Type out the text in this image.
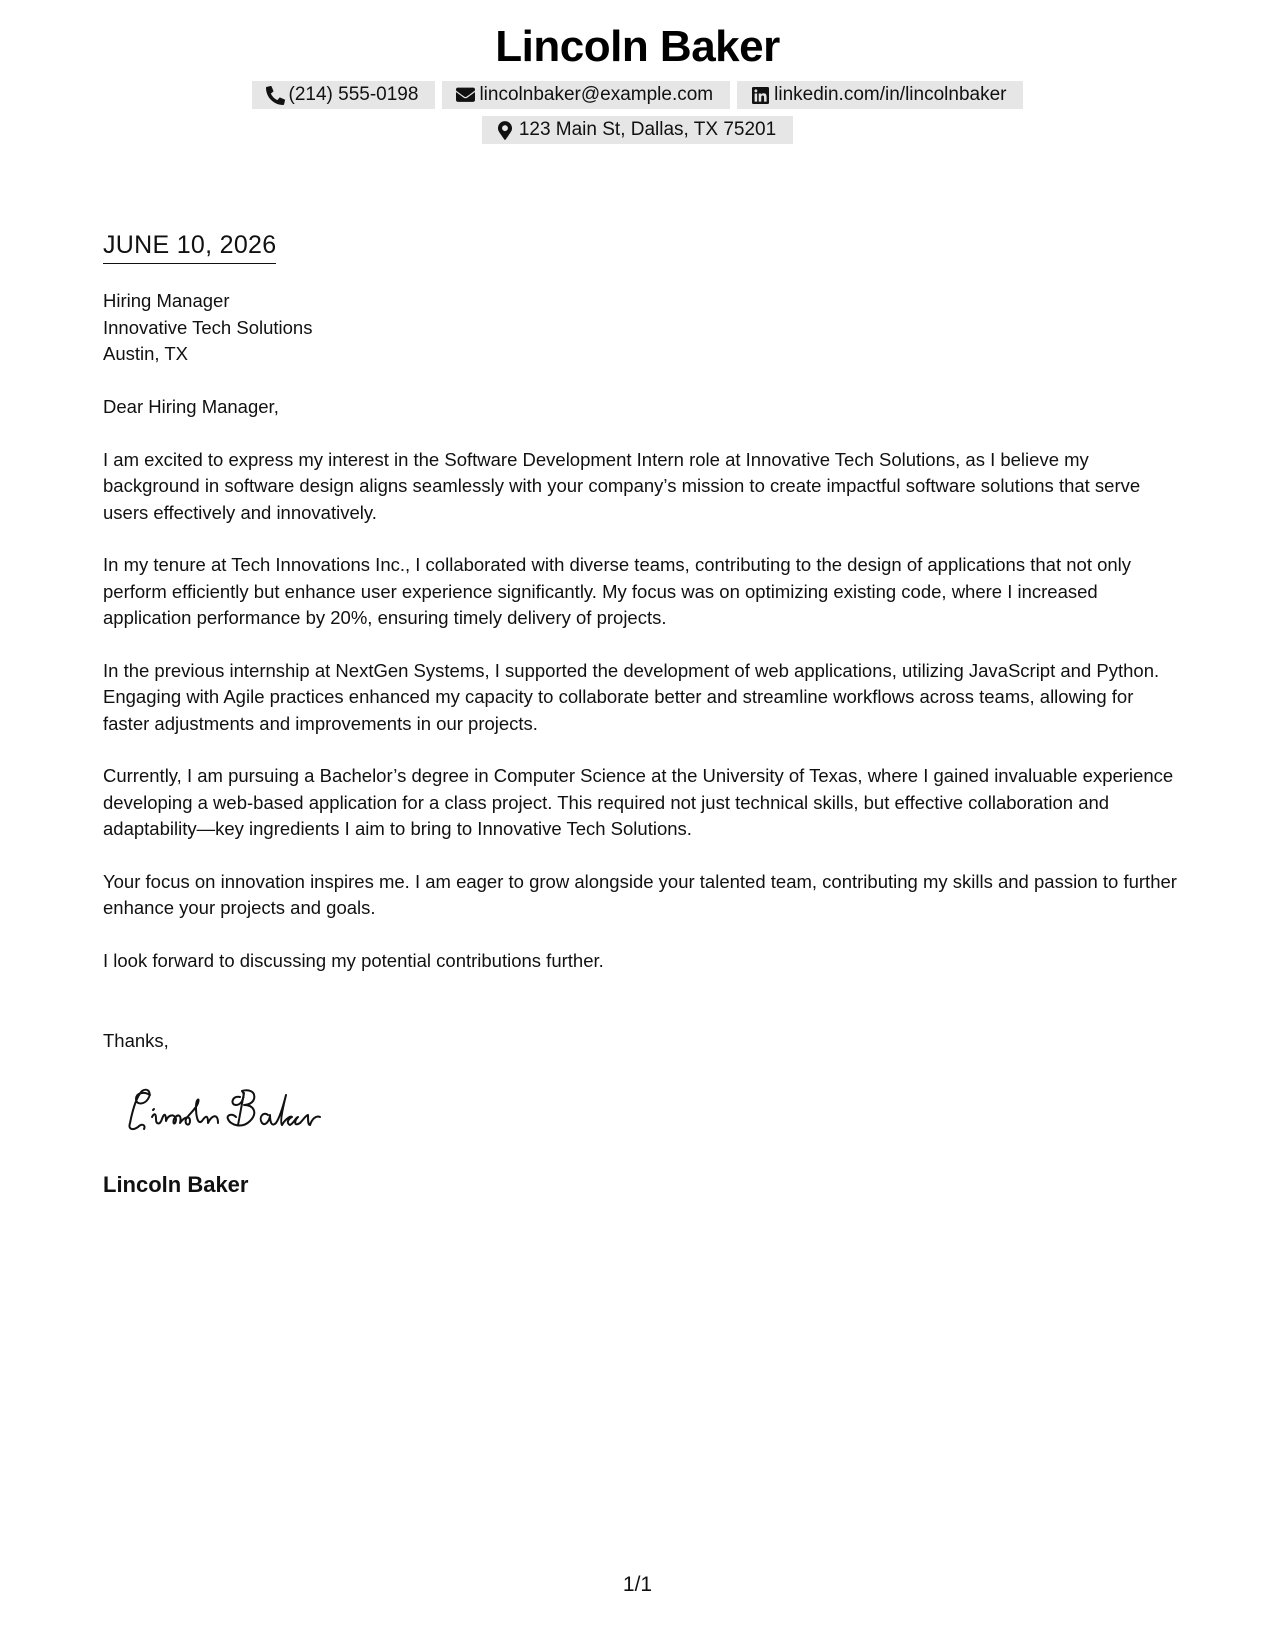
Lincoln Baker
(214) 555-0198	lincolnbaker@example.com	linkedin.com/in/lincolnbaker
123 Main St, Dallas, TX 75201
JUNE 10, 2026
Hiring Manager
Innovative Tech Solutions
Austin, TX

Dear Hiring Manager,

I am excited to express my interest in the Software Development Intern role at Innovative Tech Solutions, as I believe my background in software design aligns seamlessly with your company’s mission to create impactful software solutions that serve users effectively and innovatively.

In my tenure at Tech Innovations Inc., I collaborated with diverse teams, contributing to the design of applications that not only perform efficiently but enhance user experience significantly. My focus was on optimizing existing code, where I increased application performance by 20%, ensuring timely delivery of projects.

In the previous internship at NextGen Systems, I supported the development of web applications, utilizing JavaScript and Python. Engaging with Agile practices enhanced my capacity to collaborate better and streamline workflows across teams, allowing for faster adjustments and improvements in our projects.

Currently, I am pursuing a Bachelor’s degree in Computer Science at the University of Texas, where I gained invaluable experience developing a web-based application for a class project. This required not just technical skills, but effective collaboration and adaptability—key ingredients I aim to bring to Innovative Tech Solutions.

Your focus on innovation inspires me. I am eager to grow alongside your talented team, contributing my skills and passion to further enhance your projects and goals.

I look forward to discussing my potential contributions further.

Thanks,
Lincoln Baker
1/1
